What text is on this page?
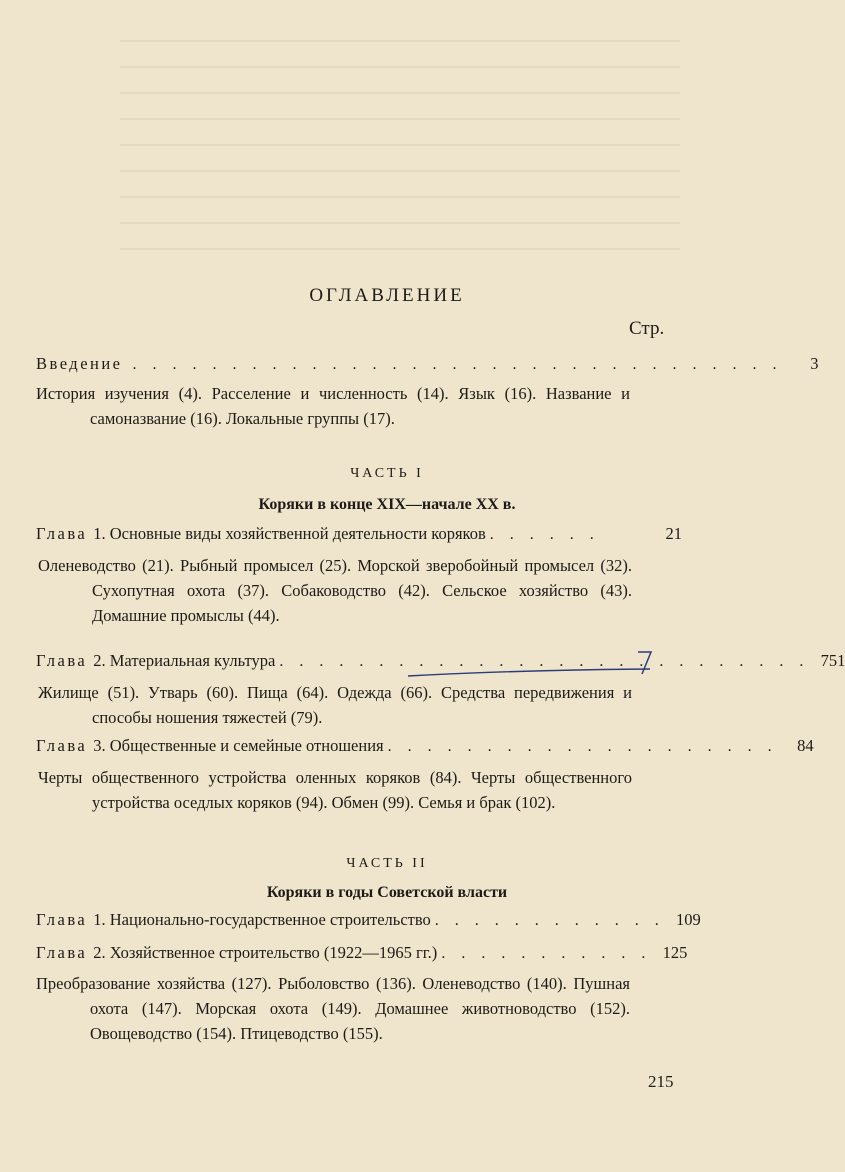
ОГЛАВЛЕНИЕ
Стр.
Введение . . . . . . . . . . . . . . . . . . . . . . . . . . . . . . . . .	3
История изучения (4). Расселение и численность (14). Язык (16). Название и самоназвание (16). Локальные группы (17).
ЧАСТЬ I
Коряки в конце XIX—начале XX в.
Глава 1. Основные виды хозяйственной деятельности коряков . . . . . .	21
Оленеводство (21). Рыбный промысел (25). Морской зверобойный промысел (32). Сухопутная охота (37). Собаководство (42). Сельское хозяйство (43). Домашние промыслы (44).
Глава 2. Материальная культура . . . . . . . . . . . . . . . . . . . . . . . . . . . 751
Жилище (51). Утварь (60). Пища (64). Одежда (66). Средства передвижения и способы ношения тяжестей (79).
Глава 3. Общественные и семейные отношения . . . . . . . . . . . . . . . . . . . .	84
Черты общественного устройства оленных коряков (84). Черты общественного устройства оседлых коряков (94). Обмен (99). Семья и брак (102).
ЧАСТЬ II
Коряки в годы Советской власти
Глава 1. Национально-государственное строительство . . . . . . . . . . . . 109
Глава 2. Хозяйственное строительство (1922—1965 гг.) . . . . . . . . . . . 125
Преобразование хозяйства (127). Рыболовство (136). Оленеводство (140). Пушная охота (147). Морская охота (149). Домашнее животноводство (152). Овощеводство (154). Птицеводство (155).
215
